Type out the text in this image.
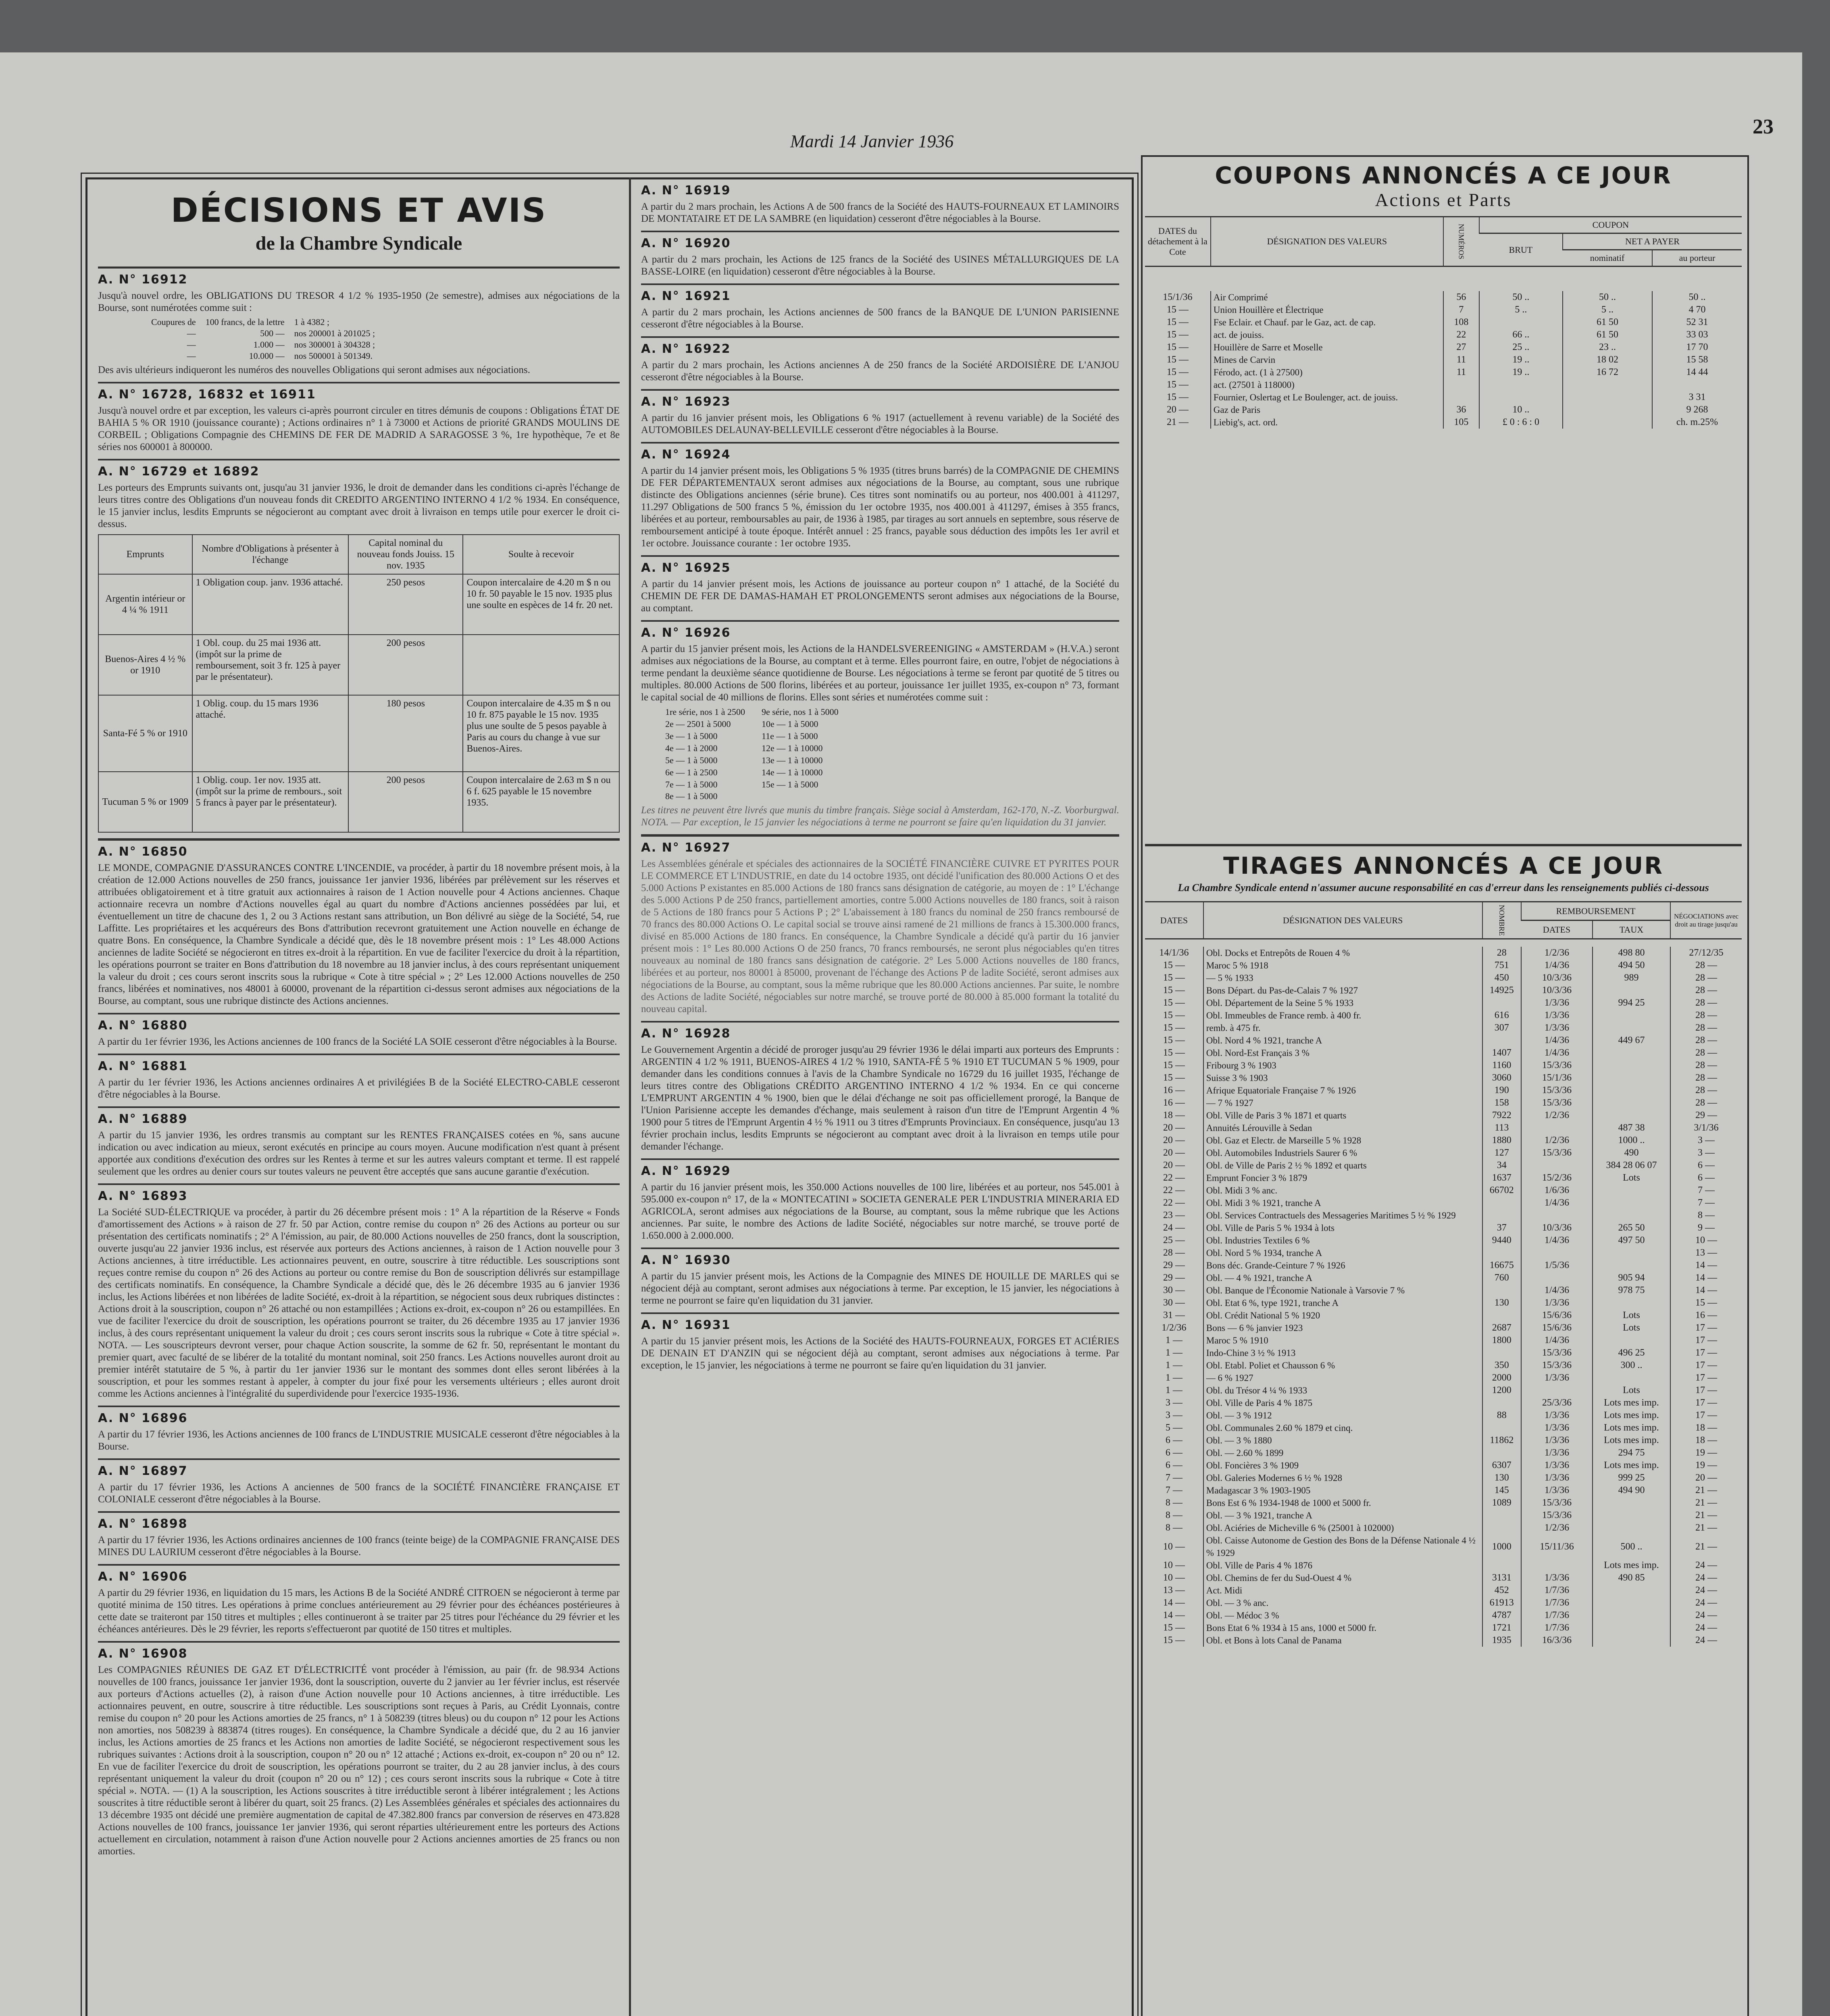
Mardi 14 Janvier 1936
23
DÉCISIONS ET AVIS
de la Chambre Syndicale
A. N° 16912
Jusqu'à nouvel ordre, les OBLIGATIONS DU TRESOR 4 1/2 % 1935-1950 (2e semestre), admises aux négociations de la Bourse, sont numérotées comme suit :
Coupures de	100 francs, de la lettre	1 à 4382 ;
—	500 —	nos 200001 à 201025 ;
—	1.000 —	nos 300001 à 304328 ;
—	10.000 —	nos 500001 à 501349.
Des avis ultérieurs indiqueront les numéros des nouvelles Obligations qui seront admises aux négociations.
A. N° 16728, 16832 et 16911
Jusqu'à nouvel ordre et par exception, les valeurs ci-après pourront circuler en titres démunis de coupons : Obligations ÉTAT DE BAHIA 5 % OR 1910 (jouissance courante) ; Actions ordinaires n° 1 à 73000 et Actions de priorité GRANDS MOULINS DE CORBEIL ; Obligations Compagnie des CHEMINS DE FER DE MADRID A SARAGOSSE 3 %, 1re hypothèque, 7e et 8e séries nos 600001 à 800000.
A. N° 16729 et 16892
Les porteurs des Emprunts suivants ont, jusqu'au 31 janvier 1936, le droit de demander dans les conditions ci-après l'échange de leurs titres contre des Obligations d'un nouveau fonds dit CREDITO ARGENTINO INTERNO 4 1/2 % 1934. En conséquence, le 15 janvier inclus, lesdits Emprunts se négocieront au comptant avec droit à livraison en temps utile pour exercer le droit ci-dessus.
Emprunts	Nombre d'Obligations à présenter à l'échange	Capital nominal du nouveau fonds Jouiss. 15 nov. 1935	Soulte à recevoir
Argentin intérieur or 4 ¼ % 1911	1 Obligation coup. janv. 1936 attaché.	250 pesos	Coupon intercalaire de 4.20 m $ n ou 10 fr. 50 payable le 15 nov. 1935 plus une soulte en espèces de 14 fr. 20 net.
Buenos-Aires 4 ½ % or 1910	1 Obl. coup. du 25 mai 1936 att. (impôt sur la prime de remboursement, soit 3 fr. 125 à payer par le présentateur).	200 pesos	
Santa-Fé 5 % or 1910	1 Oblig. coup. du 15 mars 1936 attaché.	180 pesos	Coupon intercalaire de 4.35 m $ n ou 10 fr. 875 payable le 15 nov. 1935 plus une soulte de 5 pesos payable à Paris au cours du change à vue sur Buenos-Aires.
Tucuman 5 % or 1909	1 Oblig. coup. 1er nov. 1935 att. (impôt sur la prime de rembours., soit 5 francs à payer par le présentateur).	200 pesos	Coupon intercalaire de 2.63 m $ n ou 6 f. 625 payable le 15 novembre 1935.
A. N° 16850
LE MONDE, COMPAGNIE D'ASSURANCES CONTRE L'INCENDIE, va procéder, à partir du 18 novembre présent mois, à la création de 12.000 Actions nouvelles de 250 francs, jouissance 1er janvier 1936, libérées par prélèvement sur les réserves et attribuées obligatoirement et à titre gratuit aux actionnaires à raison de 1 Action nouvelle pour 4 Actions anciennes. Chaque actionnaire recevra un nombre d'Actions nouvelles égal au quart du nombre d'Actions anciennes possédées par lui, et éventuellement un titre de chacune des 1, 2 ou 3 Actions restant sans attribution, un Bon délivré au siège de la Société, 54, rue Laffitte. Les propriétaires et les acquéreurs des Bons d'attribution recevront gratuitement une Action nouvelle en échange de quatre Bons. En conséquence, la Chambre Syndicale a décidé que, dès le 18 novembre présent mois : 1° Les 48.000 Actions anciennes de ladite Société se négocieront en titres ex-droit à la répartition. En vue de faciliter l'exercice du droit à la répartition, les opérations pourront se traiter en Bons d'attribution du 18 novembre au 18 janvier inclus, à des cours représentant uniquement la valeur du droit ; ces cours seront inscrits sous la rubrique « Cote à titre spécial » ; 2° Les 12.000 Actions nouvelles de 250 francs, libérées et nominatives, nos 48001 à 60000, provenant de la répartition ci-dessus seront admises aux négociations de la Bourse, au comptant, sous une rubrique distincte des Actions anciennes.
A. N° 16880
A partir du 1er février 1936, les Actions anciennes de 100 francs de la Société LA SOIE cesseront d'être négociables à la Bourse.
A. N° 16881
A partir du 1er février 1936, les Actions anciennes ordinaires A et privilégiées B de la Société ELECTRO-CABLE cesseront d'être négociables à la Bourse.
A. N° 16889
A partir du 15 janvier 1936, les ordres transmis au comptant sur les RENTES FRANÇAISES cotées en %, sans aucune indication ou avec indication au mieux, seront exécutés en principe au cours moyen. Aucune modification n'est quant à présent apportée aux conditions d'exécution des ordres sur les Rentes à terme et sur les autres valeurs comptant et terme. Il est rappelé seulement que les ordres au denier cours sur toutes valeurs ne peuvent être acceptés que sans aucune garantie d'exécution.
A. N° 16893
La Société SUD-ÉLECTRIQUE va procéder, à partir du 26 décembre présent mois : 1° A la répartition de la Réserve « Fonds d'amortissement des Actions » à raison de 27 fr. 50 par Action, contre remise du coupon n° 26 des Actions au porteur ou sur présentation des certificats nominatifs ; 2° A l'émission, au pair, de 80.000 Actions nouvelles de 250 francs, dont la souscription, ouverte jusqu'au 22 janvier 1936 inclus, est réservée aux porteurs des Actions anciennes, à raison de 1 Action nouvelle pour 3 Actions anciennes, à titre irréductible. Les actionnaires peuvent, en outre, souscrire à titre réductible. Les souscriptions sont reçues contre remise du coupon n° 26 des Actions au porteur ou contre remise du Bon de souscription délivrés sur estampillage des certificats nominatifs. En conséquence, la Chambre Syndicale a décidé que, dès le 26 décembre 1935 au 6 janvier 1936 inclus, les Actions libérées et non libérées de ladite Société, ex-droit à la répartition, se négocient sous deux rubriques distinctes : Actions droit à la souscription, coupon n° 26 attaché ou non estampillées ; Actions ex-droit, ex-coupon n° 26 ou estampillées. En vue de faciliter l'exercice du droit de souscription, les opérations pourront se traiter, du 26 décembre 1935 au 17 janvier 1936 inclus, à des cours représentant uniquement la valeur du droit ; ces cours seront inscrits sous la rubrique « Cote à titre spécial ». NOTA. — Les souscripteurs devront verser, pour chaque Action souscrite, la somme de 62 fr. 50, représentant le montant du premier quart, avec faculté de se libérer de la totalité du montant nominal, soit 250 francs. Les Actions nouvelles auront droit au premier intérêt statutaire de 5 %, à partir du 1er janvier 1936 sur le montant des sommes dont elles seront libérées à la souscription, et pour les sommes restant à appeler, à compter du jour fixé pour les versements ultérieurs ; elles auront droit comme les Actions anciennes à l'intégralité du superdividende pour l'exercice 1935-1936.
A. N° 16896
A partir du 17 février 1936, les Actions anciennes de 100 francs de L'INDUSTRIE MUSICALE cesseront d'être négociables à la Bourse.
A. N° 16897
A partir du 17 février 1936, les Actions A anciennes de 500 francs de la SOCIÉTÉ FINANCIÈRE FRANÇAISE ET COLONIALE cesseront d'être négociables à la Bourse.
A. N° 16898
A partir du 17 février 1936, les Actions ordinaires anciennes de 100 francs (teinte beige) de la COMPAGNIE FRANÇAISE DES MINES DU LAURIUM cesseront d'être négociables à la Bourse.
A. N° 16906
A partir du 29 février 1936, en liquidation du 15 mars, les Actions B de la Société ANDRÉ CITROEN se négocieront à terme par quotité minima de 150 titres. Les opérations à prime conclues antérieurement au 29 février pour des échéances postérieures à cette date se traiteront par 150 titres et multiples ; elles continueront à se traiter par 25 titres pour l'échéance du 29 février et les échéances antérieures. Dès le 29 février, les reports s'effectueront par quotité de 150 titres et multiples.
A. N° 16908
Les COMPAGNIES RÉUNIES DE GAZ ET D'ÉLECTRICITÉ vont procéder à l'émission, au pair (fr. de 98.934 Actions nouvelles de 100 francs, jouissance 1er janvier 1936, dont la souscription, ouverte du 2 janvier au 1er février inclus, est réservée aux porteurs d'Actions actuelles (2), à raison d'une Action nouvelle pour 10 Actions anciennes, à titre irréductible. Les actionnaires peuvent, en outre, souscrire à titre réductible. Les souscriptions sont reçues à Paris, au Crédit Lyonnais, contre remise du coupon n° 20 pour les Actions amorties de 25 francs, n° 1 à 508239 (titres bleus) ou du coupon n° 12 pour les Actions non amorties, nos 508239 à 883874 (titres rouges). En conséquence, la Chambre Syndicale a décidé que, du 2 au 16 janvier inclus, les Actions amorties de 25 francs et les Actions non amorties de ladite Société, se négocieront respectivement sous les rubriques suivantes : Actions droit à la souscription, coupon n° 20 ou n° 12 attaché ; Actions ex-droit, ex-coupon n° 20 ou n° 12. En vue de faciliter l'exercice du droit de souscription, les opérations pourront se traiter, du 2 au 28 janvier inclus, à des cours représentant uniquement la valeur du droit (coupon n° 20 ou n° 12) ; ces cours seront inscrits sous la rubrique « Cote à titre spécial ». NOTA. — (1) A la souscription, les Actions souscrites à titre irréductible seront à libérer intégralement ; les Actions souscrites à titre réductible seront à libérer du quart, soit 25 francs. (2) Les Assemblées générales et spéciales des actionnaires du 13 décembre 1935 ont décidé une première augmentation de capital de 47.382.800 francs par conversion de réserves en 473.828 Actions nouvelles de 100 francs, jouissance 1er janvier 1936, qui seront réparties ultérieurement entre les porteurs des Actions actuellement en circulation, notamment à raison d'une Action nouvelle pour 2 Actions anciennes amorties de 25 francs ou non amorties.
A. N° 16919
A partir du 2 mars prochain, les Actions A de 500 francs de la Société des HAUTS-FOURNEAUX ET LAMINOIRS DE MONTATAIRE ET DE LA SAMBRE (en liquidation) cesseront d'être négociables à la Bourse.
A. N° 16920
A partir du 2 mars prochain, les Actions de 125 francs de la Société des USINES MÉTALLURGIQUES DE LA BASSE-LOIRE (en liquidation) cesseront d'être négociables à la Bourse.
A. N° 16921
A partir du 2 mars prochain, les Actions anciennes de 500 francs de la BANQUE DE L'UNION PARISIENNE cesseront d'être négociables à la Bourse.
A. N° 16922
A partir du 2 mars prochain, les Actions anciennes A de 250 francs de la Société ARDOISIÈRE DE L'ANJOU cesseront d'être négociables à la Bourse.
A. N° 16923
A partir du 16 janvier présent mois, les Obligations 6 % 1917 (actuellement à revenu variable) de la Société des AUTOMOBILES DELAUNAY-BELLEVILLE cesseront d'être négociables à la Bourse.
A. N° 16924
A partir du 14 janvier présent mois, les Obligations 5 % 1935 (titres bruns barrés) de la COMPAGNIE DE CHEMINS DE FER DÉPARTEMENTAUX seront admises aux négociations de la Bourse, au comptant, sous une rubrique distincte des Obligations anciennes (série brune). Ces titres sont nominatifs ou au porteur, nos 400.001 à 411297, 11.297 Obligations de 500 francs 5 %, émission du 1er octobre 1935, nos 400.001 à 411297, émises à 355 francs, libérées et au porteur, remboursables au pair, de 1936 à 1985, par tirages au sort annuels en septembre, sous réserve de remboursement anticipé à toute époque. Intérêt annuel : 25 francs, payable sous déduction des impôts les 1er avril et 1er octobre. Jouissance courante : 1er octobre 1935.
A. N° 16925
A partir du 14 janvier présent mois, les Actions de jouissance au porteur coupon n° 1 attaché, de la Société du CHEMIN DE FER DE DAMAS-HAMAH ET PROLONGEMENTS seront admises aux négociations de la Bourse, au comptant.
A. N° 16926
A partir du 15 janvier présent mois, les Actions de la HANDELSVEREENIGING « AMSTERDAM » (H.V.A.) seront admises aux négociations de la Bourse, au comptant et à terme. Elles pourront faire, en outre, l'objet de négociations à terme pendant la deuxième séance quotidienne de Bourse. Les négociations à terme se feront par quotité de 5 titres ou multiples. 80.000 Actions de 500 florins, libérées et au porteur, jouissance 1er juillet 1935, ex-coupon n° 73, formant le capital social de 40 millions de florins. Elles sont séries et numérotées comme suit :
1re série, nos 1 à 2500	9e série, nos 1 à 5000
2e — 2501 à 5000	10e — 1 à 5000
3e — 1 à 5000	11e — 1 à 5000
4e — 1 à 2000	12e — 1 à 10000
5e — 1 à 5000	13e — 1 à 10000
6e — 1 à 2500	14e — 1 à 10000
7e — 1 à 5000	15e — 1 à 5000
8e — 1 à 5000	
Les titres ne peuvent être livrés que munis du timbre français. Siège social à Amsterdam, 162-170, N.-Z. Voorburgwal. NOTA. — Par exception, le 15 janvier les négociations à terme ne pourront se faire qu'en liquidation du 31 janvier.
A. N° 16927
Les Assemblées générale et spéciales des actionnaires de la SOCIÉTÉ FINANCIÈRE CUIVRE ET PYRITES POUR LE COMMERCE ET L'INDUSTRIE, en date du 14 octobre 1935, ont décidé l'unification des 80.000 Actions O et des 5.000 Actions P existantes en 85.000 Actions de 180 francs sans désignation de catégorie, au moyen de : 1° L'échange des 5.000 Actions P de 250 francs, partiellement amorties, contre 5.000 Actions nouvelles de 180 francs, soit à raison de 5 Actions de 180 francs pour 5 Actions P ; 2° L'abaissement à 180 francs du nominal de 250 francs remboursé de 70 francs des 80.000 Actions O. Le capital social se trouve ainsi ramené de 21 millions de francs à 15.300.000 francs, divisé en 85.000 Actions de 180 francs. En conséquence, la Chambre Syndicale a décidé qu'à partir du 16 janvier présent mois : 1° Les 80.000 Actions O de 250 francs, 70 francs remboursés, ne seront plus négociables qu'en titres nouveaux au nominal de 180 francs sans désignation de catégorie. 2° Les 5.000 Actions nouvelles de 180 francs, libérées et au porteur, nos 80001 à 85000, provenant de l'échange des Actions P de ladite Société, seront admises aux négociations de la Bourse, au comptant, sous la même rubrique que les 80.000 Actions anciennes. Par suite, le nombre des Actions de ladite Société, négociables sur notre marché, se trouve porté de 80.000 à 85.000 formant la totalité du nouveau capital.
A. N° 16928
Le Gouvernement Argentin a décidé de proroger jusqu'au 29 février 1936 le délai imparti aux porteurs des Emprunts : ARGENTIN 4 1/2 % 1911, BUENOS-AIRES 4 1/2 % 1910, SANTA-FÉ 5 % 1910 ET TUCUMAN 5 % 1909, pour demander dans les conditions connues à l'avis de la Chambre Syndicale no 16729 du 16 juillet 1935, l'échange de leurs titres contre des Obligations CRÉDITO ARGENTINO INTERNO 4 1/2 % 1934. En ce qui concerne L'EMPRUNT ARGENTIN 4 % 1900, bien que le délai d'échange ne soit pas officiellement prorogé, la Banque de l'Union Parisienne accepte les demandes d'échange, mais seulement à raison d'un titre de l'Emprunt Argentin 4 % 1900 pour 5 titres de l'Emprunt Argentin 4 ½ % 1911 ou 3 titres d'Emprunts Provinciaux. En conséquence, jusqu'au 13 février prochain inclus, lesdits Emprunts se négocieront au comptant avec droit à la livraison en temps utile pour demander l'échange.
A. N° 16929
A partir du 16 janvier présent mois, les 350.000 Actions nouvelles de 100 lire, libérées et au porteur, nos 545.001 à 595.000 ex-coupon n° 17, de la « MONTECATINI » SOCIETA GENERALE PER L'INDUSTRIA MINERARIA ED AGRICOLA, seront admises aux négociations de la Bourse, au comptant, sous la même rubrique que les Actions anciennes. Par suite, le nombre des Actions de ladite Société, négociables sur notre marché, se trouve porté de 1.650.000 à 2.000.000.
A. N° 16930
A partir du 15 janvier présent mois, les Actions de la Compagnie des MINES DE HOUILLE DE MARLES qui se négocient déjà au comptant, seront admises aux négociations à terme. Par exception, le 15 janvier, les négociations à terme ne pourront se faire qu'en liquidation du 31 janvier.
A. N° 16931
A partir du 15 janvier présent mois, les Actions de la Société des HAUTS-FOURNEAUX, FORGES ET ACIÉRIES DE DENAIN ET D'ANZIN qui se négocient déjà au comptant, seront admises aux négociations à terme. Par exception, le 15 janvier, les négociations à terme ne pourront se faire qu'en liquidation du 31 janvier.
COUPONS ANNONCÉS A CE JOUR
Actions et Parts
DATES du détachement à la Cote	DÉSIGNATION DES VALEURS	NUMÉROS	COUPON		
			BRUT	NET A PAYER	
				nominatif	au porteur
15/1/36	Air Comprimé	56	50 ..	50 ..	50 ..
15 —	Union Houillère et Électrique	7	5 ..	5 ..	4 70
15 —	Fse Eclair. et Chauf. par le Gaz, act. de cap.	108		61 50	52 31
15 —	act. de jouiss.	22	66 ..	61 50	33 03
15 —	Houillère de Sarre et Moselle	27	25 ..	23 ..	17 70
15 —	Mines de Carvin	11	19 ..	18 02	15 58
15 —	Férodo, act. (1 à 27500)	11	19 ..	16 72	14 44
15 —	act. (27501 à 118000)				
15 —	Fournier, Oslertag et Le Boulenger, act. de jouiss.				3 31
20 —	Gaz de Paris	36	10 ..		9 268
21 —	Liebig's, act. ord.	105	£ 0 : 6 : 0		ch. m.25%
TIRAGES ANNONCÉS A CE JOUR
La Chambre Syndicale entend n'assumer aucune responsabilité en cas d'erreur dans les renseignements publiés ci-dessous
DATES	DÉSIGNATION DES VALEURS	NOMBRE	REMBOURSEMENT		NÉGOCIATIONS avec droit au tirage jusqu'au
			DATES	TAUX	
14/1/36	Obl. Docks et Entrepôts de Rouen 4 %	28	1/2/36	498 80	27/12/35
15 —	Maroc 5 % 1918	751	1/4/36	494 50	28 —
15 —	— 5 % 1933	450	10/3/36	989	28 —
15 —	Bons Départ. du Pas-de-Calais 7 % 1927	14925	10/3/36		28 —
15 —	Obl. Département de la Seine 5 % 1933		1/3/36	994 25	28 —
15 —	Obl. Immeubles de France remb. à 400 fr.	616	1/3/36		28 —
15 —	remb. à 475 fr.	307	1/3/36		28 —
15 —	Obl. Nord 4 % 1921, tranche A		1/4/36	449 67	28 —
15 —	Obl. Nord-Est Français 3 %	1407	1/4/36		28 —
15 —	Fribourg 3 % 1903	1160	15/3/36		28 —
15 —	Suisse 3 % 1903	3060	15/1/36		28 —
16 —	Afrique Equatoriale Française 7 % 1926	190	15/3/36		28 —
16 —	— 7 % 1927	158	15/3/36		28 —
18 —	Obl. Ville de Paris 3 % 1871 et quarts	7922	1/2/36		29 —
20 —	Annuités Lérouville à Sedan	113		487 38	3/1/36
20 —	Obl. Gaz et Electr. de Marseille 5 % 1928	1880	1/2/36	1000 ..	3 —
20 —	Obl. Automobiles Industriels Saurer 6 %	127	15/3/36	490	3 —
20 —	Obl. de Ville de Paris 2 ½ % 1892 et quarts	34		384 28 06 07	6 —
22 —	Emprunt Foncier 3 % 1879	1637	15/2/36	Lots	6 —
22 —	Obl. Midi 3 % anc.	66702	1/6/36		7 —
22 —	Obl. Midi 3 % 1921, tranche A		1/4/36		7 —
23 —	Obl. Services Contractuels des Messageries Maritimes 5 ½ % 1929				8 —
24 —	Obl. Ville de Paris 5 % 1934 à lots	37	10/3/36	265 50	9 —
25 —	Obl. Industries Textiles 6 %	9440	1/4/36	497 50	10 —
28 —	Obl. Nord 5 % 1934, tranche A				13 —
29 —	Bons déc. Grande-Ceinture 7 % 1926	16675	1/5/36		14 —
29 —	Obl. — 4 % 1921, tranche A	760		905 94	14 —
30 —	Obl. Banque de l'Économie Nationale à Varsovie 7 %		1/4/36	978 75	14 —
30 —	Obl. Etat 6 %, type 1921, tranche A	130	1/3/36		15 —
31 —	Obl. Crédit National 5 % 1920		15/6/36	Lots	16 —
1/2/36	Bons — 6 % janvier 1923	2687	15/6/36	Lots	17 —
1 —	Maroc 5 % 1910	1800	1/4/36		17 —
1 —	Indo-Chine 3 ½ % 1913		15/3/36	496 25	17 —
1 —	Obl. Etabl. Poliet et Chausson 6 %	350	15/3/36	300 ..	17 —
1 —	— 6 % 1927	2000	1/3/36		17 —
1 —	Obl. du Trésor 4 ¼ % 1933	1200		Lots	17 —
3 —	Obl. Ville de Paris 4 % 1875		25/3/36	Lots mes imp.	17 —
3 —	Obl. — 3 % 1912	88	1/3/36	Lots mes imp.	17 —
5 —	Obl. Communales 2.60 % 1879 et cinq.		1/3/36	Lots mes imp.	18 —
6 —	Obl. — 3 % 1880	11862	1/3/36	Lots mes imp.	18 —
6 —	Obl. — 2.60 % 1899		1/3/36	294 75	19 —
6 —	Obl. Foncières 3 % 1909	6307	1/3/36	Lots mes imp.	19 —
7 —	Obl. Galeries Modernes 6 ½ % 1928	130	1/3/36	999 25	20 —
7 —	Madagascar 3 % 1903-1905	145	1/3/36	494 90	21 —
8 —	Bons Est 6 % 1934-1948 de 1000 et 5000 fr.	1089	15/3/36		21 —
8 —	Obl. — 3 % 1921, tranche A		15/3/36		21 —
8 —	Obl. Aciéries de Micheville 6 % (25001 à 102000)		1/2/36		21 —
10 —	Obl. Caisse Autonome de Gestion des Bons de la Défense Nationale 4 ½ % 1929	1000	15/11/36	500 ..	21 —
10 —	Obl. Ville de Paris 4 % 1876			Lots mes imp.	24 —
10 —	Obl. Chemins de fer du Sud-Ouest 4 %	3131	1/3/36	490 85	24 —
13 —	Act. Midi	452	1/7/36		24 —
14 —	Obl. — 3 % anc.	61913	1/7/36		24 —
14 —	Obl. — Médoc 3 %	4787	1/7/36		24 —
15 —	Bons Etat 6 % 1934 à 15 ans, 1000 et 5000 fr.	1721	1/7/36		24 —
15 —	Obl. et Bons à lots Canal de Panama	1935	16/3/36		24 —
